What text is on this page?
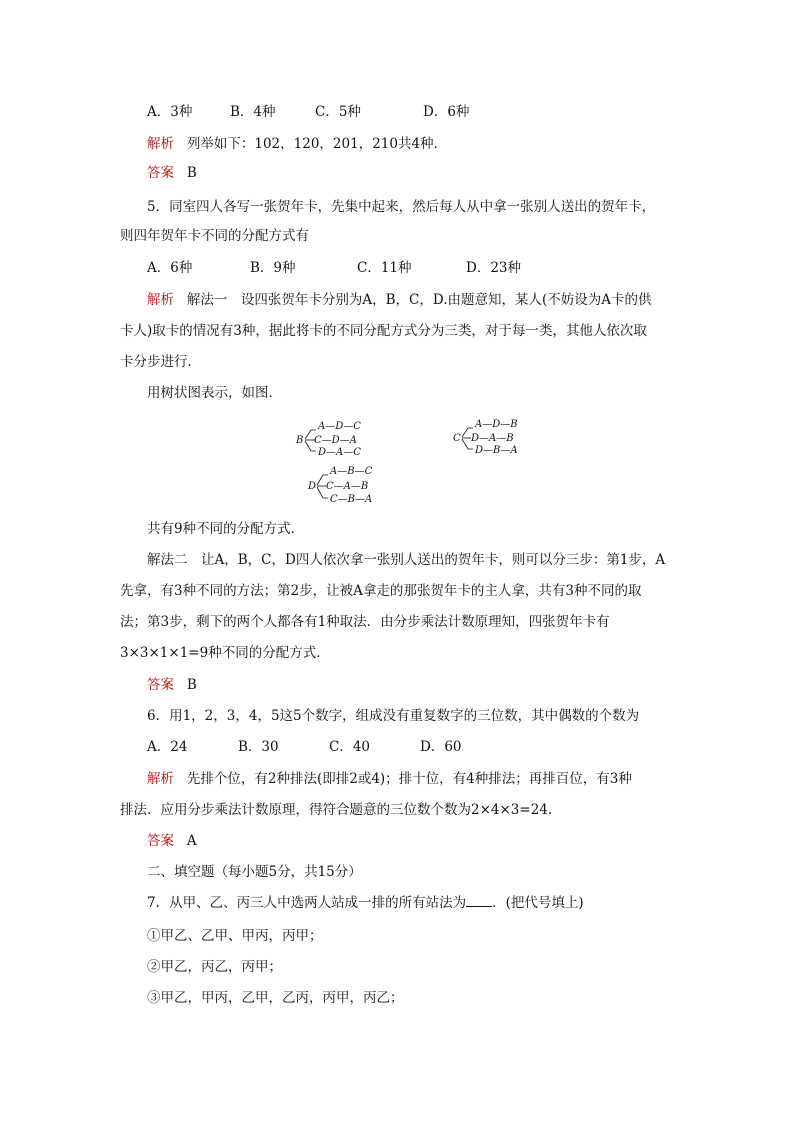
A．3种	B．4种	C．5种	D．6种
解析 列举如下：102，120，201，210共4种．
答案 B
5．同室四人各写一张贺年卡，先集中起来，然后每人从中拿一张别人送出的贺年卡，
则四年贺年卡不同的分配方式有
A．6种	B．9种	C．11种	D．23种
解析 解法一　设四张贺年卡分别为A，B，C，D.由题意知，某人(不妨设为A卡的供
卡人)取卡的情况有3种，据此将卡的不同分配方式分为三类，对于每一类，其他人依次取
卡分步进行．
用树状图表示，如图．
B
A—D—C
C—D—A
D—A—C
C
A—D—B
D—A—B
D—B—A
D
A—B—C
C—A—B
C—B—A
共有9种不同的分配方式．
解法二　让A，B，C，D四人依次拿一张别人送出的贺年卡，则可以分三步：第1步，A
先拿，有3种不同的方法；第2步，让被A拿走的那张贺年卡的主人拿，共有3种不同的取
法；第3步，剩下的两个人都各有1种取法．由分步乘法计数原理知，四张贺年卡有
3×3×1×1=9种不同的分配方式．
答案 B
6．用1，2，3，4，5这5个数字，组成没有重复数字的三位数，其中偶数的个数为
A．24	B．30	C．40	D．60
解析 先排个位，有2种排法(即排2或4)；排十位，有4种排法；再排百位，有3种
排法．应用分步乘法计数原理，得符合题意的三位数个数为2×4×3=24.
答案 A
二、填空题（每小题5分，共15分）
7．从甲、乙、丙三人中选两人站成一排的所有站法为 ．(把代号填上)
①甲乙、乙甲、甲丙，丙甲；
②甲乙，丙乙，丙甲；
③甲乙，甲丙，乙甲，乙丙，丙甲，丙乙；
